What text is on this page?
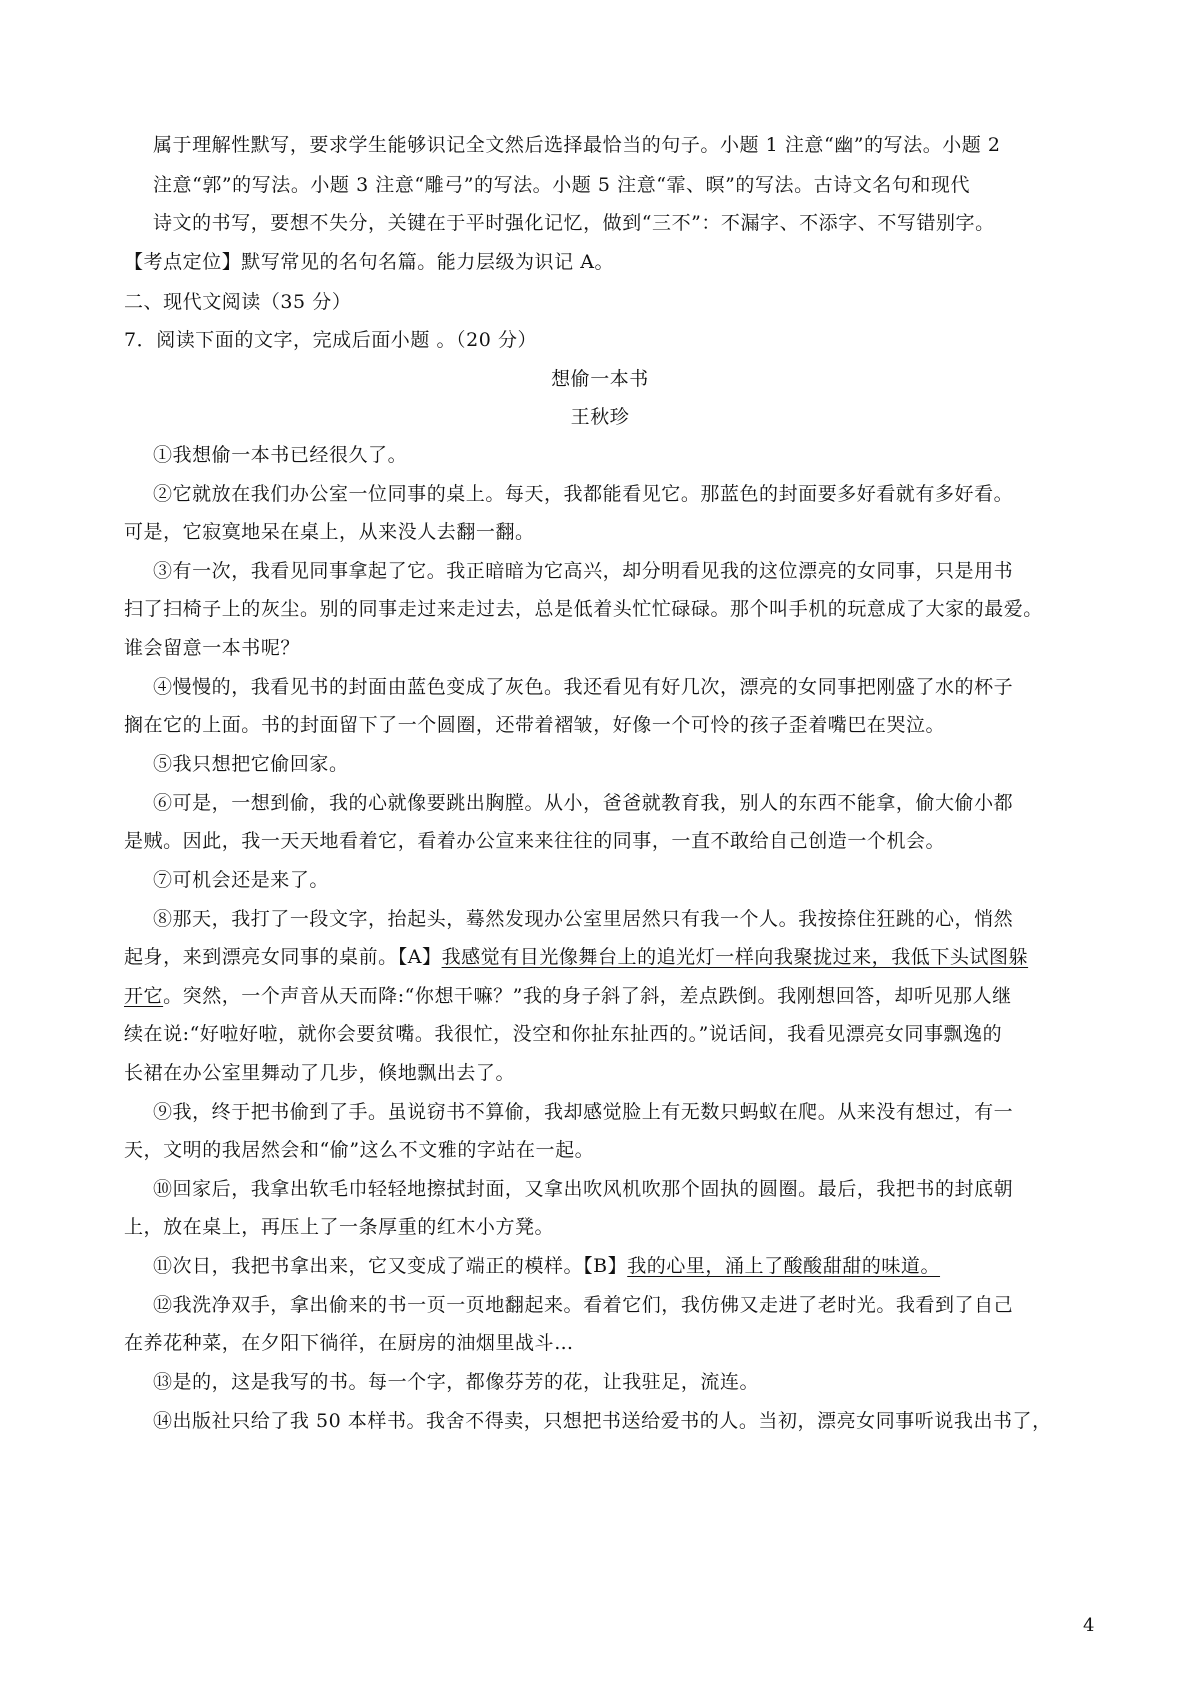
属于理解性默写，要求学生能够识记全文然后选择最恰当的句子。小题 1 注意“幽”的写法。小题 2
注意“郭”的写法。小题 3 注意“雕弓”的写法。小题 5 注意“霏、暝”的写法。古诗文名句和现代
诗文的书写，要想不失分，关键在于平时强化记忆，做到“三不”：不漏字、不添字、不写错别字。
【考点定位】默写常见的名句名篇。能力层级为识记 A。
二、现代文阅读（35 分）
7．阅读下面的文字，完成后面小题 。（20 分）
想偷一本书
王秋珍
①我想偷一本书已经很久了。
②它就放在我们办公室一位同事的桌上。每天，我都能看见它。那蓝色的封面要多好看就有多好看。
可是，它寂寞地呆在桌上，从来没人去翻一翻。
③有一次，我看见同事拿起了它。我正暗暗为它高兴，却分明看见我的这位漂亮的女同事，只是用书
扫了扫椅子上的灰尘。别的同事走过来走过去，总是低着头忙忙碌碌。那个叫手机的玩意成了大家的最爱。
谁会留意一本书呢？
④慢慢的，我看见书的封面由蓝色变成了灰色。我还看见有好几次，漂亮的女同事把刚盛了水的杯子
搁在它的上面。书的封面留下了一个圆圈，还带着褶皱，好像一个可怜的孩子歪着嘴巴在哭泣。
⑤我只想把它偷回家。
⑥可是，一想到偷，我的心就像要跳出胸膛。从小，爸爸就教育我，别人的东西不能拿，偷大偷小都
是贼。因此，我一天天地看着它，看着办公宣来来往往的同事，一直不敢给自己创造一个机会。
⑦可机会还是来了。
⑧那天，我打了一段文字，抬起头，蓦然发现办公室里居然只有我一个人。我按捺住狂跳的心，悄然
起身，来到漂亮女同事的桌前。【A】我感觉有目光像舞台上的追光灯一样向我聚拢过来，我低下头试图躲
开它。突然，一个声音从天而降:“你想干嘛？”我的身子斜了斜，差点跌倒。我刚想回答，却听见那人继
续在说:“好啦好啦，就你会要贫嘴。我很忙，没空和你扯东扯西的。”说话间，我看见漂亮女同事飘逸的
长裙在办公室里舞动了几步，倏地飘出去了。
⑨我，终于把书偷到了手。虽说窃书不算偷，我却感觉脸上有无数只蚂蚁在爬。从来没有想过，有一
天，文明的我居然会和“偷”这么不文雅的字站在一起。
⑩回家后，我拿出软毛巾轻轻地擦拭封面，又拿出吹风机吹那个固执的圆圈。最后，我把书的封底朝
上，放在桌上，再压上了一条厚重的红木小方凳。
⑪次日，我把书拿出来，它又变成了端正的模样。【B】我的心里，涌上了酸酸甜甜的味道。
⑫我洗净双手，拿出偷来的书一页一页地翻起来。看着它们，我仿佛又走进了老时光。我看到了自己
在养花种菜，在夕阳下徜徉，在厨房的油烟里战斗…
⑬是的，这是我写的书。每一个字，都像芬芳的花，让我驻足，流连。
⑭出版社只给了我 50 本样书。我舍不得卖，只想把书送给爱书的人。当初，漂亮女同事听说我出书了，
4
